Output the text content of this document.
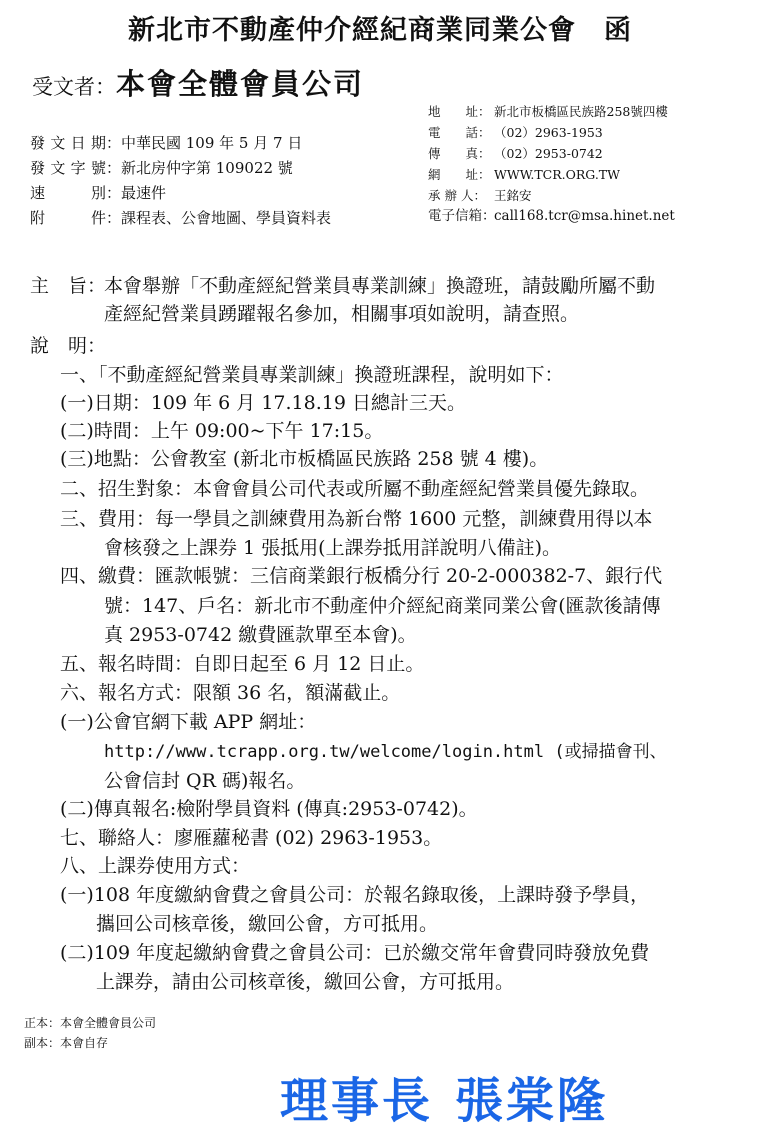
新北市不動產仲介經紀商業同業公會　函
受文者：本會全體會員公司
地　　址： 新北市板橋區民族路258號四樓
電　　話： （02）2963-1953
傳　　真： （02）2953-0742
網　　址： WWW.TCR.ORG.TW
承 辦 人： 王銘安
電子信箱：call168.tcr@msa.hinet.net
發文日期：中華民國 109 年 5 月 7 日
發文字號：新北房仲字第 109022 號
速　　別：最速件
附　　件：課程表、公會地圖、學員資料表
主　旨：
本會舉辦「不動產經紀營業員專業訓練」換證班，請鼓勵所屬不動
產經紀營業員踴躍報名參加，相關事項如說明，請查照。
說　明：
一、「不動產經紀營業員專業訓練」換證班課程，說明如下：
(一)日期：109 年 6 月 17.18.19 日總計三天。
(二)時間：上午 09:00~下午 17:15。
(三)地點：公會教室 (新北市板橋區民族路 258 號 4 樓)。
二、招生對象：本會會員公司代表或所屬不動產經紀營業員優先錄取。
三、費用：每一學員之訓練費用為新台幣 1600 元整，訓練費用得以本
會核發之上課券 1 張抵用(上課券抵用詳說明八備註)。
四、繳費：匯款帳號：三信商業銀行板橋分行 20-2-000382-7、銀行代
號：147、戶名：新北市不動產仲介經紀商業同業公會(匯款後請傳
真 2953-0742 繳費匯款單至本會)。
五、報名時間：自即日起至 6 月 12 日止。
六、報名方式：限額 36 名，額滿截止。
(一)公會官網下載 APP 網址：
http://www.tcrapp.org.tw/welcome/login.html (或掃描會刊、
公會信封 QR 碼)報名。
(二)傳真報名:檢附學員資料 (傳真:2953-0742)。
七、聯絡人：廖雁蘿秘書 (02) 2963-1953。
八、上課券使用方式：
(一)108 年度繳納會費之會員公司：於報名錄取後，上課時發予學員，
攜回公司核章後，繳回公會，方可抵用。
(二)109 年度起繳納會費之會員公司：已於繳交常年會費同時發放免費
上課券，請由公司核章後，繳回公會，方可抵用。
正本：本會全體會員公司
副本：本會自存
理事長 張棠隆
